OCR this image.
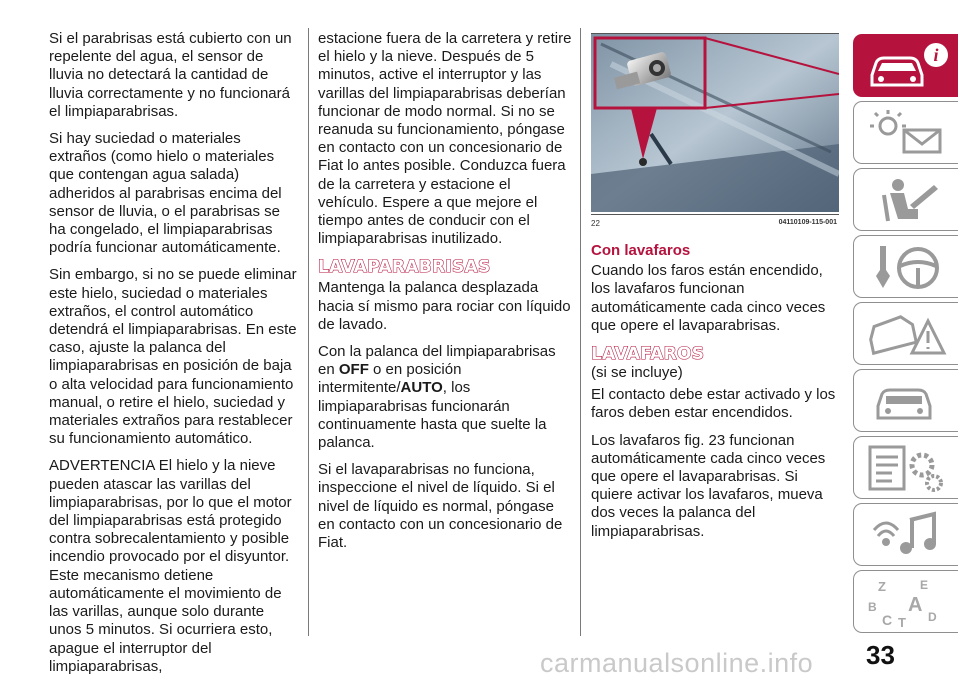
Si el parabrisas está cubierto con un repelente del agua, el sensor de lluvia no detectará la cantidad de lluvia correctamente y no funcionará el limpiaparabrisas.

Si hay suciedad o materiales extraños (como hielo o materiales que contengan agua salada) adheridos al parabrisas encima del sensor de lluvia, o el parabrisas se ha congelado, el limpiaparabrisas podría funcionar automáticamente.

Sin embargo, si no se puede eliminar este hielo, suciedad o materiales extraños, el control automático detendrá el limpiaparabrisas. En este caso, ajuste la palanca del limpiaparabrisas en posición de baja o alta velocidad para funcionamiento manual, o retire el hielo, suciedad y materiales extraños para restablecer su funcionamiento automático.

ADVERTENCIA El hielo y la nieve pueden atascar las varillas del limpiaparabrisas, por lo que el motor del limpiaparabrisas está protegido contra sobrecalentamiento y posible incendio provocado por el disyuntor. Este mecanismo detiene automáticamente el movimiento de las varillas, aunque solo durante unos 5 minutos. Si ocurriera esto, apague el interruptor del limpiaparabrisas,

estacione fuera de la carretera y retire el hielo y la nieve. Después de 5 minutos, active el interruptor y las varillas del limpiaparabrisas deberían funcionar de modo normal. Si no se reanuda su funcionamiento, póngase en contacto con un concesionario de Fiat lo antes posible. Conduzca fuera de la carretera y estacione el vehículo. Espere a que mejore el tiempo antes de conducir con el limpiaparabrisas inutilizado.

LAVAPARABRISAS

Mantenga la palanca desplazada hacia sí mismo para rociar con líquido de lavado.

Con la palanca del limpiaparabrisas en OFF o en posición intermitente/AUTO, los limpiaparabrisas funcionarán continuamente hasta que suelte la palanca.

Si el lavaparabrisas no funciona, inspeccione el nivel de líquido. Si el nivel de líquido es normal, póngase en contacto con un concesionario de Fiat.

22	04110109-115-001
Con lavafaros

Cuando los faros están encendido, los lavafaros funcionan automáticamente cada cinco veces que opere el lavaparabrisas.

LAVAFAROS

(si se incluye)

El contacto debe estar activado y los faros deben estar encendidos.

Los lavafaros fig. 23 funcionan automáticamente cada cinco veces que opere el lavaparabrisas. Si quiere activar los lavafaros, mueva dos veces la palanca del limpiaparabrisas.

i
Z	E
B A
C	D
T
carmanualsonline.info 33
